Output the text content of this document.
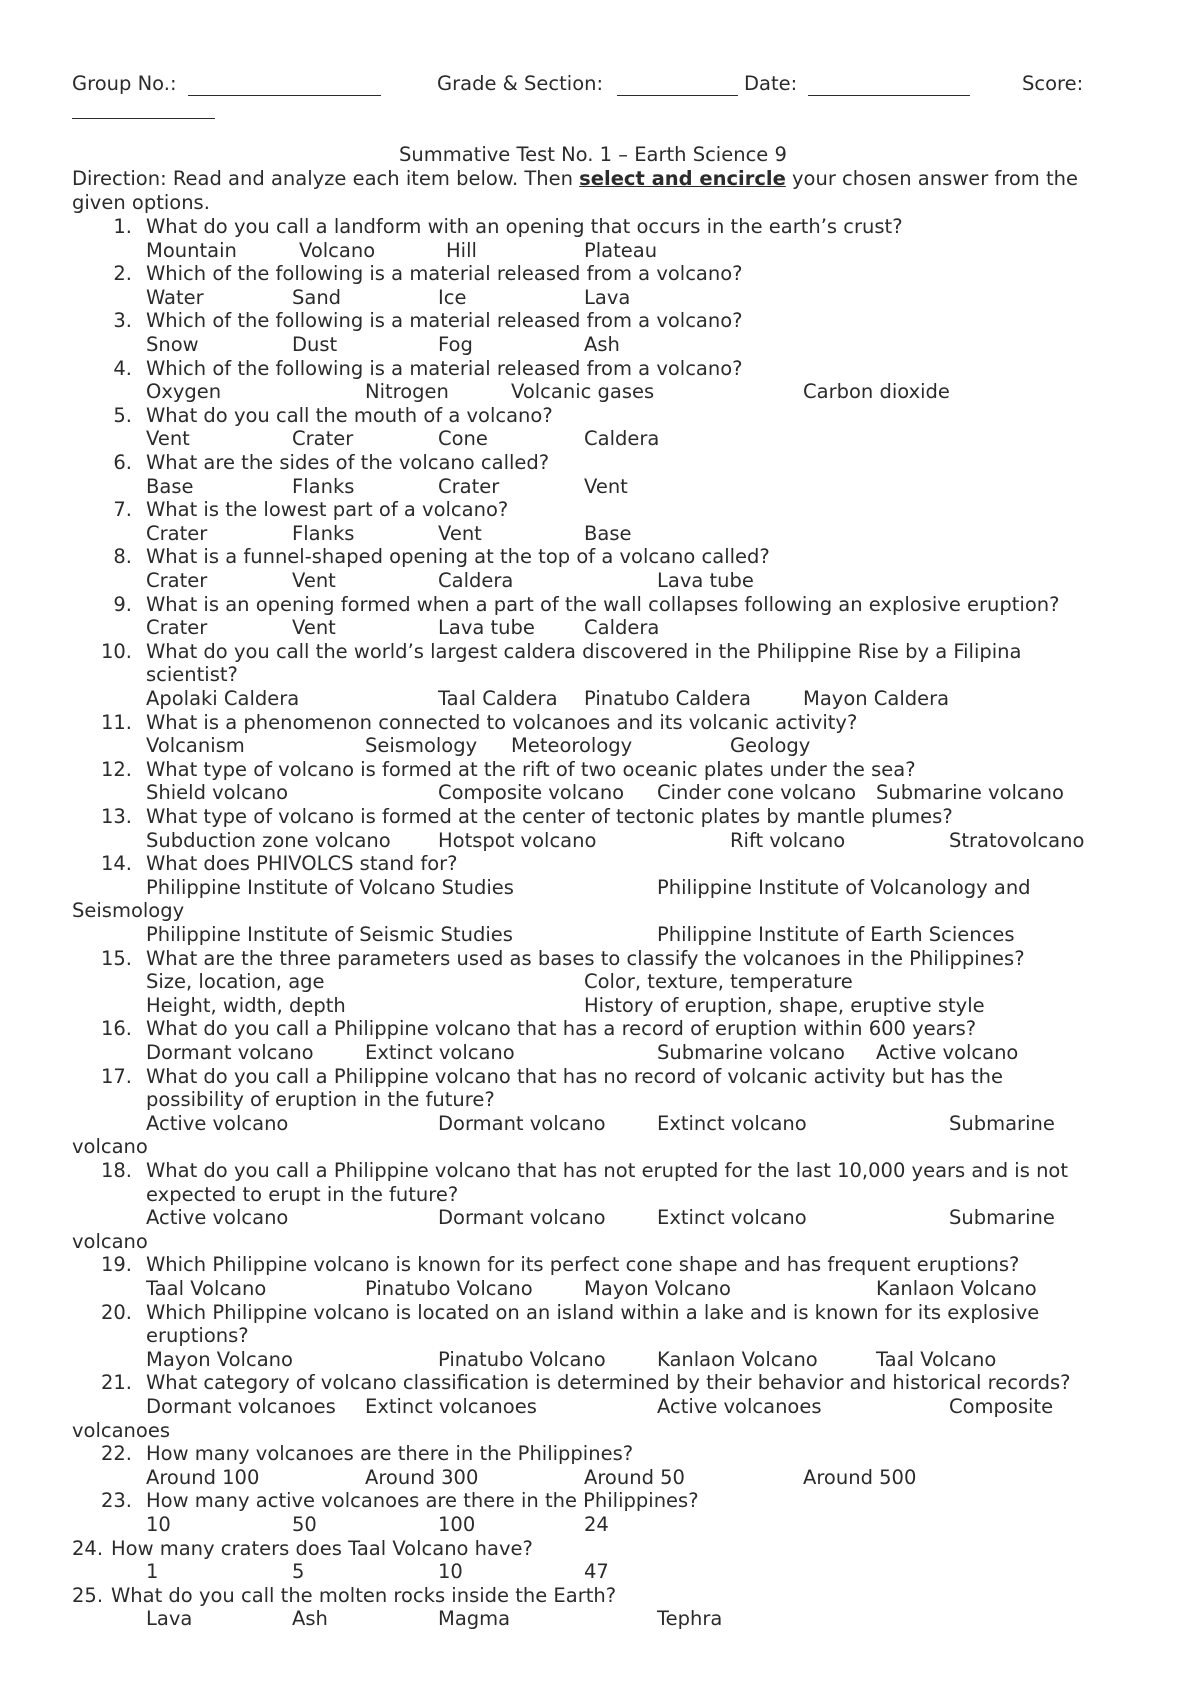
Group No.:	Grade & Section:	Date:	Score:
Summative Test No. 1 – Earth Science 9
Direction: Read and analyze each item below. Then select and encircle your chosen answer from the
given options.
1. What do you call a landform with an opening that occurs in the earth’s crust?
Mountain	Volcano	Hill	Plateau
2. Which of the following is a material released from a volcano?
Water	Sand	Ice	Lava
3. Which of the following is a material released from a volcano?
Snow	Dust	Fog	Ash
4. Which of the following is a material released from a volcano?
Oxygen	Nitrogen	Volcanic gases	Carbon dioxide
5. What do you call the mouth of a volcano?
Vent	Crater	Cone	Caldera
6. What are the sides of the volcano called?
Base	Flanks	Crater	Vent
7. What is the lowest part of a volcano?
Crater	Flanks	Vent	Base
8. What is a funnel-shaped opening at the top of a volcano called?
Crater	Vent	Caldera	Lava tube
9. What is an opening formed when a part of the wall collapses following an explosive eruption?
Crater	Vent	Lava tube	Caldera
10. What do you call the world’s largest caldera discovered in the Philippine Rise by a Filipina
scientist?
Apolaki Caldera	Taal Caldera Pinatubo Caldera	Mayon Caldera
11. What is a phenomenon connected to volcanoes and its volcanic activity?
Volcanism	Seismology Meteorology	Geology
12. What type of volcano is formed at the rift of two oceanic plates under the sea?
Shield volcano	Composite volcano Cinder cone volcano Submarine volcano
13. What type of volcano is formed at the center of tectonic plates by mantle plumes?
Subduction zone volcano Hotspot volcano	Rift volcano	Stratovolcano
14. What does PHIVOLCS stand for?
Philippine Institute of Volcano Studies	Philippine Institute of Volcanology and
Seismology
Philippine Institute of Seismic Studies	Philippine Institute of Earth Sciences
15. What are the three parameters used as bases to classify the volcanoes in the Philippines?
Size, location, age	Color, texture, temperature
Height, width, depth	History of eruption, shape, eruptive style
16. What do you call a Philippine volcano that has a record of eruption within 600 years?
Dormant volcano	Extinct volcano	Submarine volcano Active volcano
17. What do you call a Philippine volcano that has no record of volcanic activity but has the
possibility of eruption in the future?
Active volcano	Dormant volcano	Extinct volcano	Submarine
volcano
18. What do you call a Philippine volcano that has not erupted for the last 10,000 years and is not
expected to erupt in the future?
Active volcano	Dormant volcano	Extinct volcano	Submarine
volcano
19. Which Philippine volcano is known for its perfect cone shape and has frequent eruptions?
Taal Volcano	Pinatubo Volcano	Mayon Volcano	Kanlaon Volcano
20. Which Philippine volcano is located on an island within a lake and is known for its explosive
eruptions?
Mayon Volcano	Pinatubo Volcano	Kanlaon Volcano	Taal Volcano
21. What category of volcano classification is determined by their behavior and historical records?
Dormant volcanoes Extinct volcanoes	Active volcanoes	Composite
volcanoes
22. How many volcanoes are there in the Philippines?
Around 100	Around 300	Around 50	Around 500
23. How many active volcanoes are there in the Philippines?
10	50	100	24
24. How many craters does Taal Volcano have?
1	5	10	47
25. What do you call the molten rocks inside the Earth?
Lava	Ash	Magma	Tephra
